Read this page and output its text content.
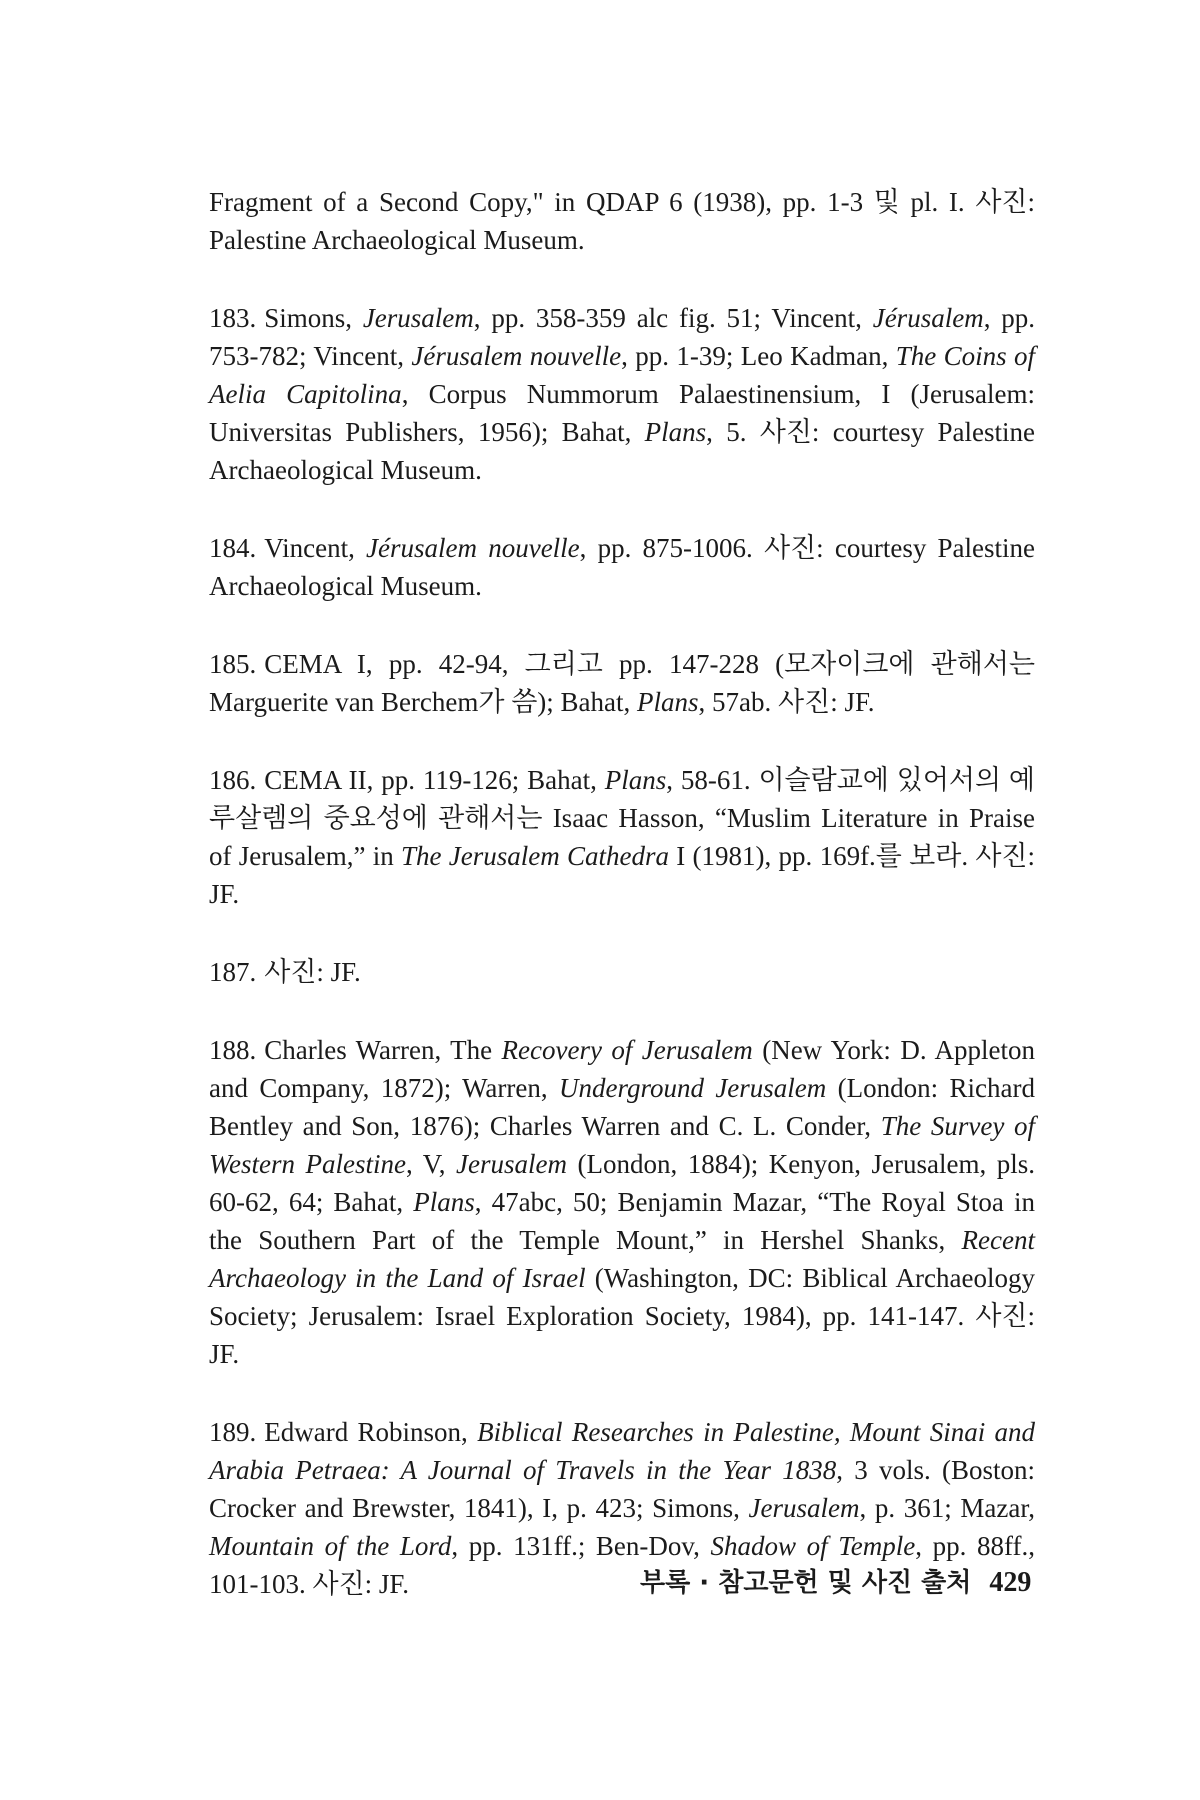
Fragment of a Second Copy," in QDAP 6 (1938), pp. 1-3 및 pl. I. 사진: Palestine Archaeological Museum.

183. Simons, Jerusalem, pp. 358-359 alc fig. 51; Vincent, Jérusalem, pp. 753-782; Vincent, Jérusalem nouvelle, pp. 1-39; Leo Kadman, The Coins of Aelia Capitolina, Corpus Nummorum Palaestinensium, I (Jerusalem: Universitas Publishers, 1956); Bahat, Plans, 5. 사진: courtesy Palestine Archaeological Museum.

184. Vincent, Jérusalem nouvelle, pp. 875-1006. 사진: courtesy Palestine Archaeological Museum.

185. CEMA I, pp. 42-94, 그리고 pp. 147-228 (모자이크에 관해서는 Marguerite van Berchem가 씀); Bahat, Plans, 57ab. 사진: JF.

186. CEMA II, pp. 119-126; Bahat, Plans, 58-61. 이슬람교에 있어서의 예루살렘의 중요성에 관해서는 Isaac Hasson, “Muslim Literature in Praise of Jerusalem,” in The Jerusalem Cathedra I (1981), pp. 169f.를 보라. 사진: JF.

187. 사진: JF.

188. Charles Warren, The Recovery of Jerusalem (New York: D. Appleton and Company, 1872); Warren, Underground Jerusalem (London: Richard Bentley and Son, 1876); Charles Warren and C. L. Conder, The Survey of Western Palestine, V, Jerusalem (London, 1884); Kenyon, Jerusalem, pls. 60-62, 64; Bahat, Plans, 47abc, 50; Benjamin Mazar, “The Royal Stoa in the Southern Part of the Temple Mount,” in Hershel Shanks, Recent Archaeology in the Land of Israel (Washington, DC: Biblical Archaeology Society; Jerusalem: Israel Exploration Society, 1984), pp. 141-147. 사진: JF.

189. Edward Robinson, Biblical Researches in Palestine, Mount Sinai and Arabia Petraea: A Journal of Travels in the Year 1838, 3 vols. (Boston: Crocker and Brewster, 1841), I, p. 423; Simons, Jerusalem, p. 361; Mazar, Mountain of the Lord, pp. 131ff.; Ben-Dov, Shadow of Temple, pp. 88ff., 101-103. 사진: JF.	부록 · 참고문헌 및 사진 출처 429
